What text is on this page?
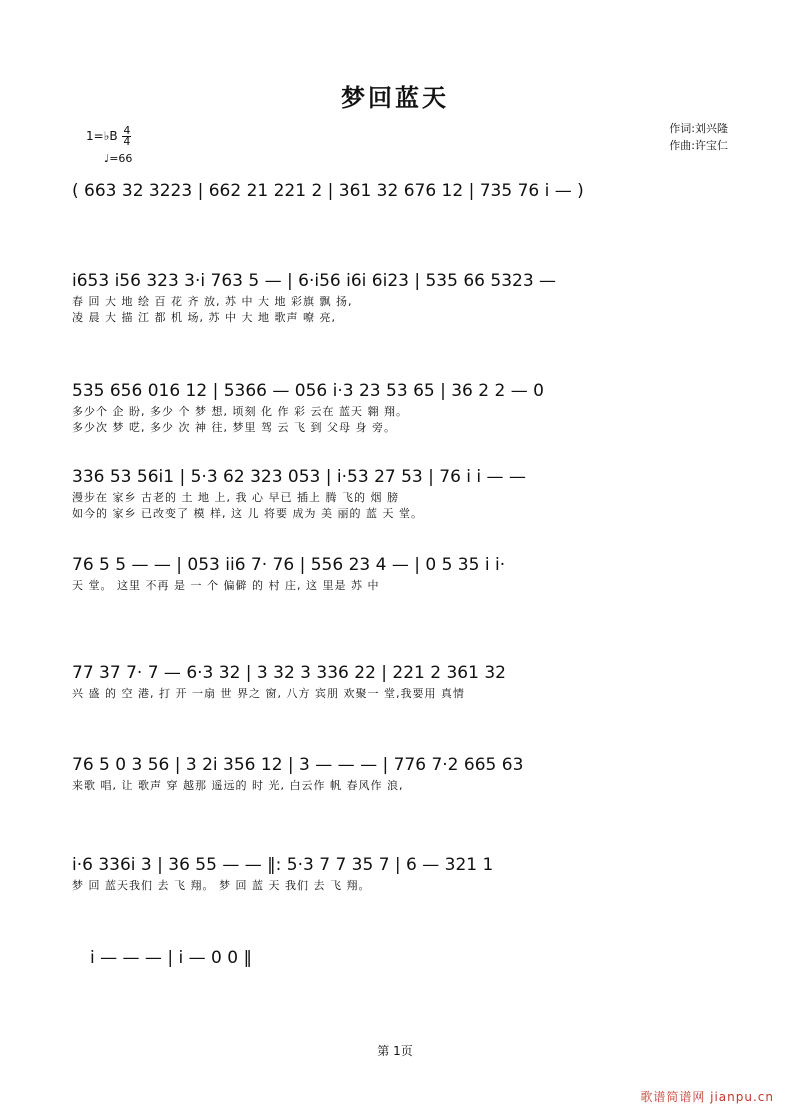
梦回蓝天
作词:刘兴隆
作曲:许宝仁
1=♭B $\frac{4}{4}$
♩=66
( 663 32 3223 | 662 21 221 2 | 361 32 676 12 | 735 76 i — )
i653 i56 323 3·i 763 5 — | 6·i56 i6i 6i23 | 535 66 5323 —
春 回 大 地 绘 百 花 齐 放, 苏 中 大 地 彩旗 飘 扬,
凌 晨 大 描 江 都 机 场, 苏 中 大 地 歌声 嘹 亮,
535 656 016 12 | 5366 — 056 i·3 23 53 65 | 36 2 2 — 0
多少个 企 盼, 多少 个 梦 想, 顷刻 化 作 彩 云在 蓝天 翱 翔。
多少次 梦 呓, 多少 次 神 往, 梦里 驾 云 飞 到 父母 身 旁。
336 53 56i1 | 5·3 62 323 053 | i·53 27 53 | 76 i i — —
漫步在 家乡 古老的 土 地 上, 我 心 早已 插上 腾 飞的 烟 膀
如今的 家乡 已改变了 模 样, 这 儿 将要 成为 美 丽的 蓝 天 堂。
76 5 5 — — | 053 ii6 7· 76 | 556 23 4 — | 0 5 35 i i·
天 堂。 这里 不再 是 一 个 偏僻 的 村 庄, 这 里是 苏 中
77 37 7· 7 — 6·3 32 | 3 32 3 336 22 | 221 2 361 32
兴 盛 的 空 港, 打 开 一扇 世 界之 窗, 八方 宾朋 欢聚一 堂,我要用 真情
76 5 0 3 56 | 3 2i 356 12 | 3 — — — | 776 7·2 665 63
来歌 唱, 让 歌声 穿 越那 遥远的 时 光, 白云作 帆 春风作 浪,
i·6 336i 3 | 36 55 — — ‖: 5·3 7 7 35 7 | 6 — 321 1
梦 回 蓝天我们 去 飞 翔。 梦 回 蓝 天 我们 去 飞 翔。
i — — — | i — 0 0 ‖
第 1页
歌谱简谱网 jianpu.cn
